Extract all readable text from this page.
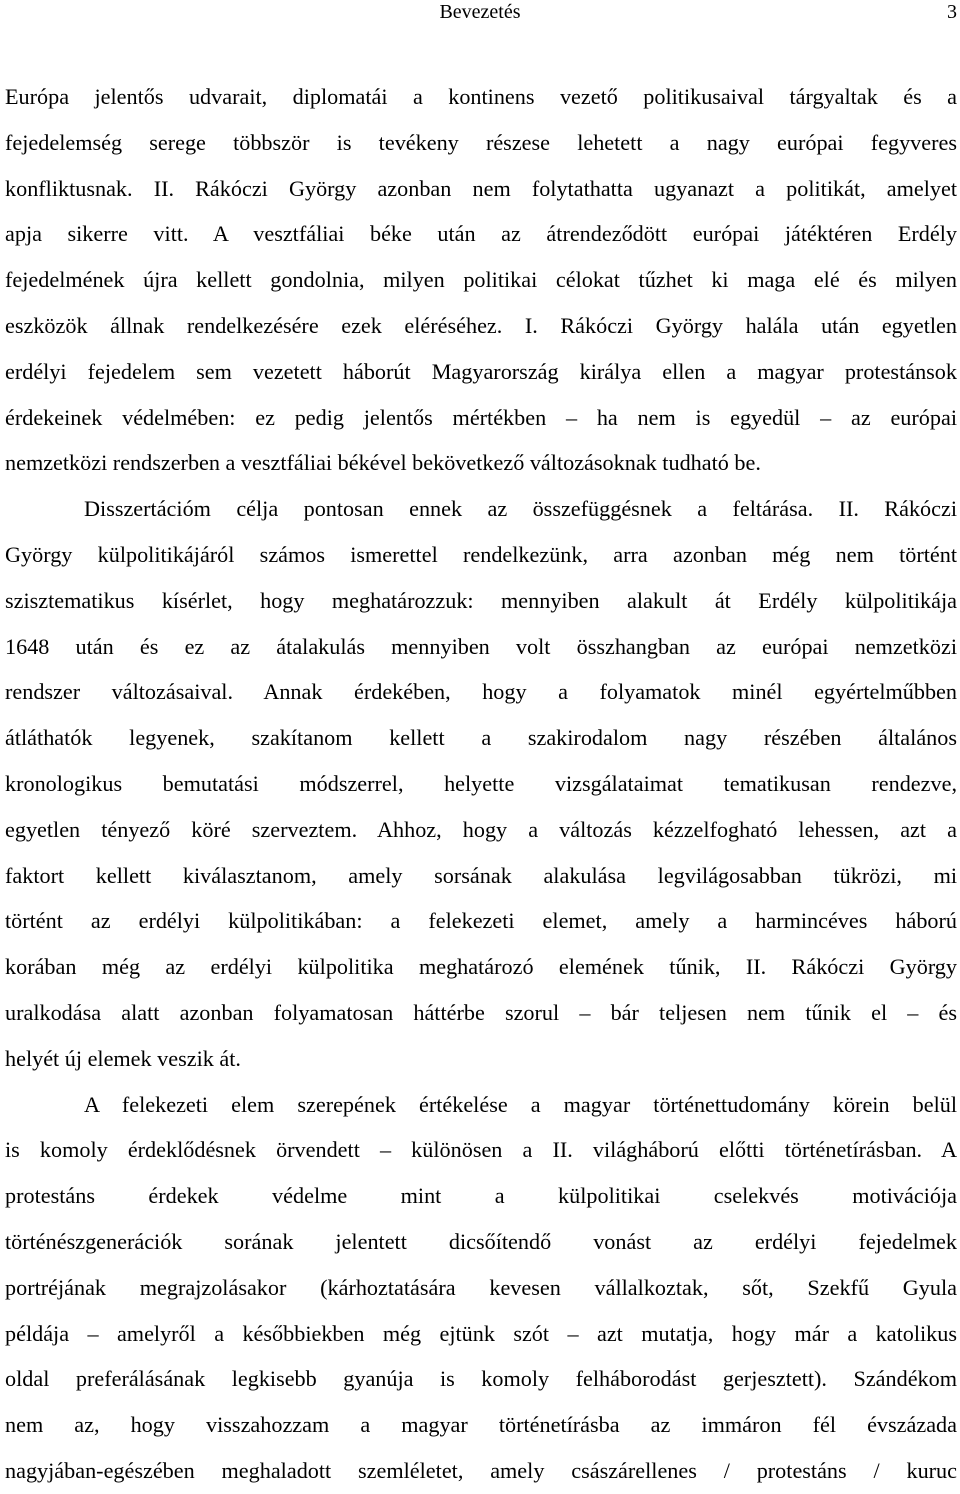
Bevezetés	3
Európa jelentős udvarait, diplomatái a kontinens vezető politikusaival tárgyaltak és a
fejedelemség serege többször is tevékeny részese lehetett a nagy európai fegyveres
konfliktusnak. II. Rákóczi György azonban nem folytathatta ugyanazt a politikát, amelyet
apja sikerre vitt. A vesztfáliai béke után az átrendeződött európai játéktéren Erdély
fejedelmének újra kellett gondolnia, milyen politikai célokat tűzhet ki maga elé és milyen
eszközök állnak rendelkezésére ezek eléréséhez. I. Rákóczi György halála után egyetlen
erdélyi fejedelem sem vezetett háborút Magyarország királya ellen a magyar protestánsok
érdekeinek védelmében: ez pedig jelentős mértékben – ha nem is egyedül – az európai
nemzetközi rendszerben a vesztfáliai békével bekövetkező változásoknak tudható be.
Disszertációm célja pontosan ennek az összefüggésnek a feltárása. II. Rákóczi
György külpolitikájáról számos ismerettel rendelkezünk, arra azonban még nem történt
szisztematikus kísérlet, hogy meghatározzuk: mennyiben alakult át Erdély külpolitikája
1648 után és ez az átalakulás mennyiben volt összhangban az európai nemzetközi
rendszer változásaival. Annak érdekében, hogy a folyamatok minél egyértelműbben
átláthatók legyenek, szakítanom kellett a szakirodalom nagy részében általános
kronologikus bemutatási módszerrel, helyette vizsgálataimat tematikusan rendezve,
egyetlen tényező köré szerveztem. Ahhoz, hogy a változás kézzelfogható lehessen, azt a
faktort kellett kiválasztanom, amely sorsának alakulása legvilágosabban tükrözi, mi
történt az erdélyi külpolitikában: a felekezeti elemet, amely a harmincéves háború
korában még az erdélyi külpolitika meghatározó elemének tűnik, II. Rákóczi György
uralkodása alatt azonban folyamatosan háttérbe szorul – bár teljesen nem tűnik el – és
helyét új elemek veszik át.
A felekezeti elem szerepének értékelése a magyar történettudomány körein belül
is komoly érdeklődésnek örvendett – különösen a II. világháború előtti történetírásban. A
protestáns érdekek védelme mint a külpolitikai cselekvés motivációja
történészgenerációk sorának jelentett dicsőítendő vonást az erdélyi fejedelmek
portréjának megrajzolásakor (kárhoztatására kevesen vállalkoztak, sőt, Szekfű Gyula
példája – amelyről a későbbiekben még ejtünk szót – azt mutatja, hogy már a katolikus
oldal preferálásának legkisebb gyanúja is komoly felháborodást gerjesztett). Szándékom
nem az, hogy visszahozzam a magyar történetírásba az immáron fél évszázada
nagyjában-egészében meghaladott szemléletet, amely császárellenes / protestáns / kuruc
